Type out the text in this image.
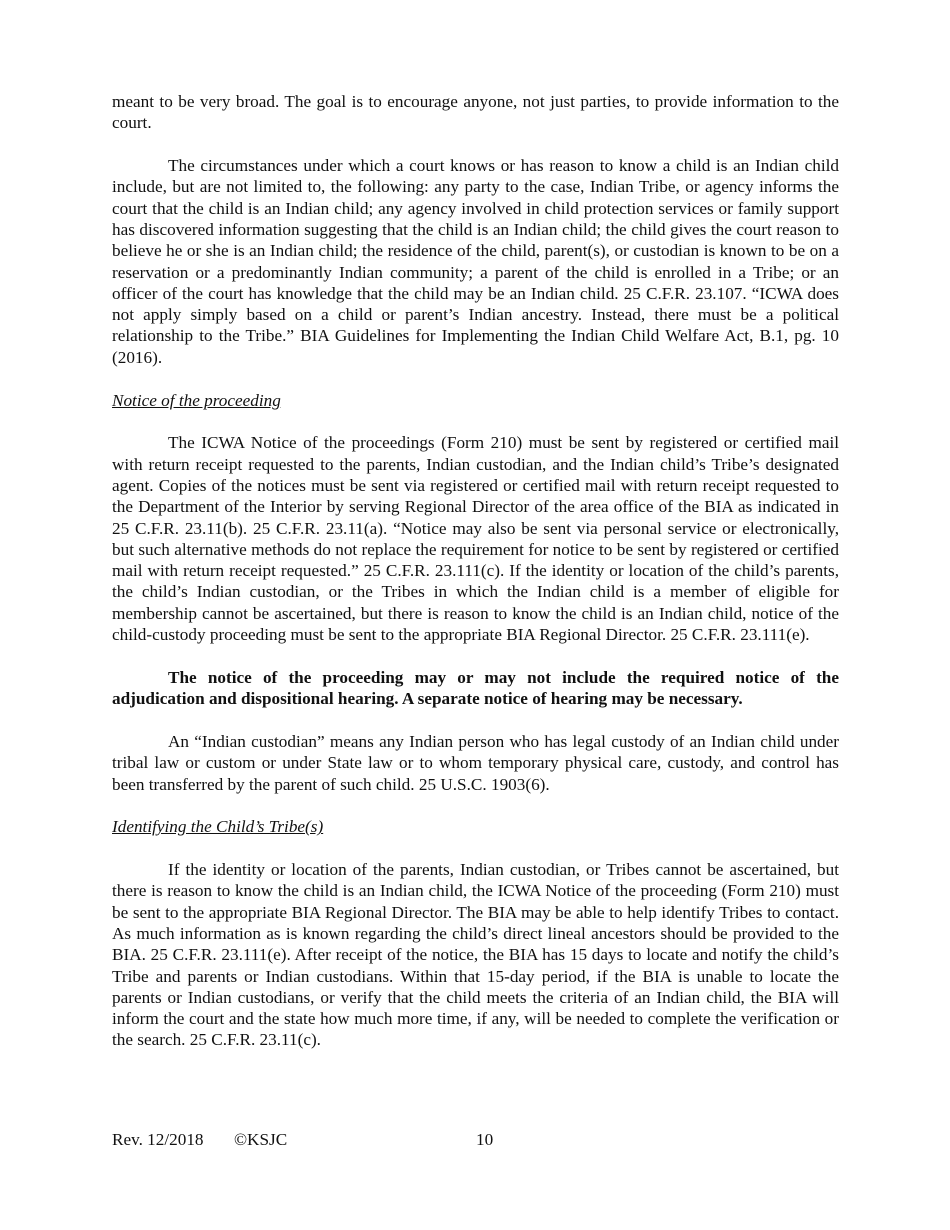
meant to be very broad. The goal is to encourage anyone, not just parties, to provide information to the court.

The circumstances under which a court knows or has reason to know a child is an Indian child include, but are not limited to, the following: any party to the case, Indian Tribe, or agency informs the court that the child is an Indian child; any agency involved in child protection services or family support has discovered information suggesting that the child is an Indian child; the child gives the court reason to believe he or she is an Indian child; the residence of the child, parent(s), or custodian is known to be on a reservation or a predominantly Indian community; a parent of the child is enrolled in a Tribe; or an officer of the court has knowledge that the child may be an Indian child. 25 C.F.R. 23.107. “ICWA does not apply simply based on a child or parent’s Indian ancestry. Instead, there must be a political relationship to the Tribe.” BIA Guidelines for Implementing the Indian Child Welfare Act, B.1, pg. 10 (2016).

Notice of the proceeding

The ICWA Notice of the proceedings (Form 210) must be sent by registered or certified mail with return receipt requested to the parents, Indian custodian, and the Indian child’s Tribe’s designated agent. Copies of the notices must be sent via registered or certified mail with return receipt requested to the Department of the Interior by serving Regional Director of the area office of the BIA as indicated in 25 C.F.R. 23.11(b). 25 C.F.R. 23.11(a). “Notice may also be sent via personal service or electronically, but such alternative methods do not replace the requirement for notice to be sent by registered or certified mail with return receipt requested.” 25 C.F.R. 23.111(c). If the identity or location of the child’s parents, the child’s Indian custodian, or the Tribes in which the Indian child is a member of eligible for membership cannot be ascertained, but there is reason to know the child is an Indian child, notice of the child-custody proceeding must be sent to the appropriate BIA Regional Director. 25 C.F.R. 23.111(e).

The notice of the proceeding may or may not include the required notice of the adjudication and dispositional hearing. A separate notice of hearing may be necessary.

An “Indian custodian” means any Indian person who has legal custody of an Indian child under tribal law or custom or under State law or to whom temporary physical care, custody, and control has been transferred by the parent of such child. 25 U.S.C. 1903(6).

Identifying the Child’s Tribe(s)

If the identity or location of the parents, Indian custodian, or Tribes cannot be ascertained, but there is reason to know the child is an Indian child, the ICWA Notice of the proceeding (Form 210) must be sent to the appropriate BIA Regional Director. The BIA may be able to help identify Tribes to contact. As much information as is known regarding the child’s direct lineal ancestors should be provided to the BIA. 25 C.F.R. 23.111(e). After receipt of the notice, the BIA has 15 days to locate and notify the child’s Tribe and parents or Indian custodians. Within that 15-day period, if the BIA is unable to locate the parents or Indian custodians, or verify that the child meets the criteria of an Indian child, the BIA will inform the court and the state how much more time, if any, will be needed to complete the verification or the search. 25 C.F.R. 23.11(c).

Rev. 12/2018 ©KSJC	10
